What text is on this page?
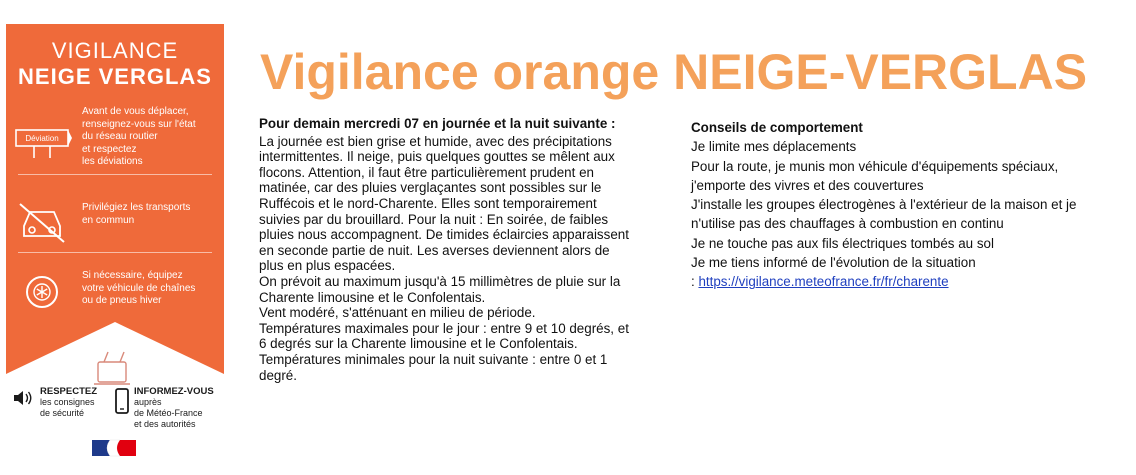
VIGILANCE
NEIGE VERGLAS
Déviation
Avant de vous déplacer,
renseignez-vous sur l'état
du réseau routier
et respectez
les déviations
Privilégiez les transports
en commun
Si nécessaire, équipez
votre véhicule de chaînes
ou de pneus hiver
RESPECTEZ
les consignes
de sécurité
INFORMEZ-VOUS
auprès
de Météo-France
et des autorités
Vigilance orange NEIGE-VERGLAS
Pour demain mercredi 07 en journée et la nuit suivante :

La journée est bien grise et humide, avec des précipitations intermittentes. Il neige, puis quelques gouttes se mêlent aux flocons. Attention, il faut être particulièrement prudent en matinée, car des pluies verglaçantes sont possibles sur le Ruffécois et le nord-Charente. Elles sont temporairement suivies par du brouillard. Pour la nuit : En soirée, de faibles pluies nous accompagnent. De timides éclaircies apparaissent en seconde partie de nuit. Les averses deviennent alors de plus en plus espacées.

On prévoit au maximum jusqu'à 15 millimètres de pluie sur la Charente limousine et le Confolentais.

Vent modéré, s'atténuant en milieu de période.

Températures maximales pour le jour : entre 9 et 10 degrés, et 6 degrés sur la Charente limousine et le Confolentais.

Températures minimales pour la nuit suivante : entre 0 et 1 degré.

Conseils de comportement
Je limite mes déplacements
Pour la route, je munis mon véhicule d'équipements spéciaux,
j'emporte des vivres et des couvertures
J'installe les groupes électrogènes à l'extérieur de la maison et je
n'utilise pas des chauffages à combustion en continu
Je ne touche pas aux fils électriques tombés au sol
Je me tiens informé de l'évolution de la situation
: https://vigilance.meteofrance.fr/fr/charente
